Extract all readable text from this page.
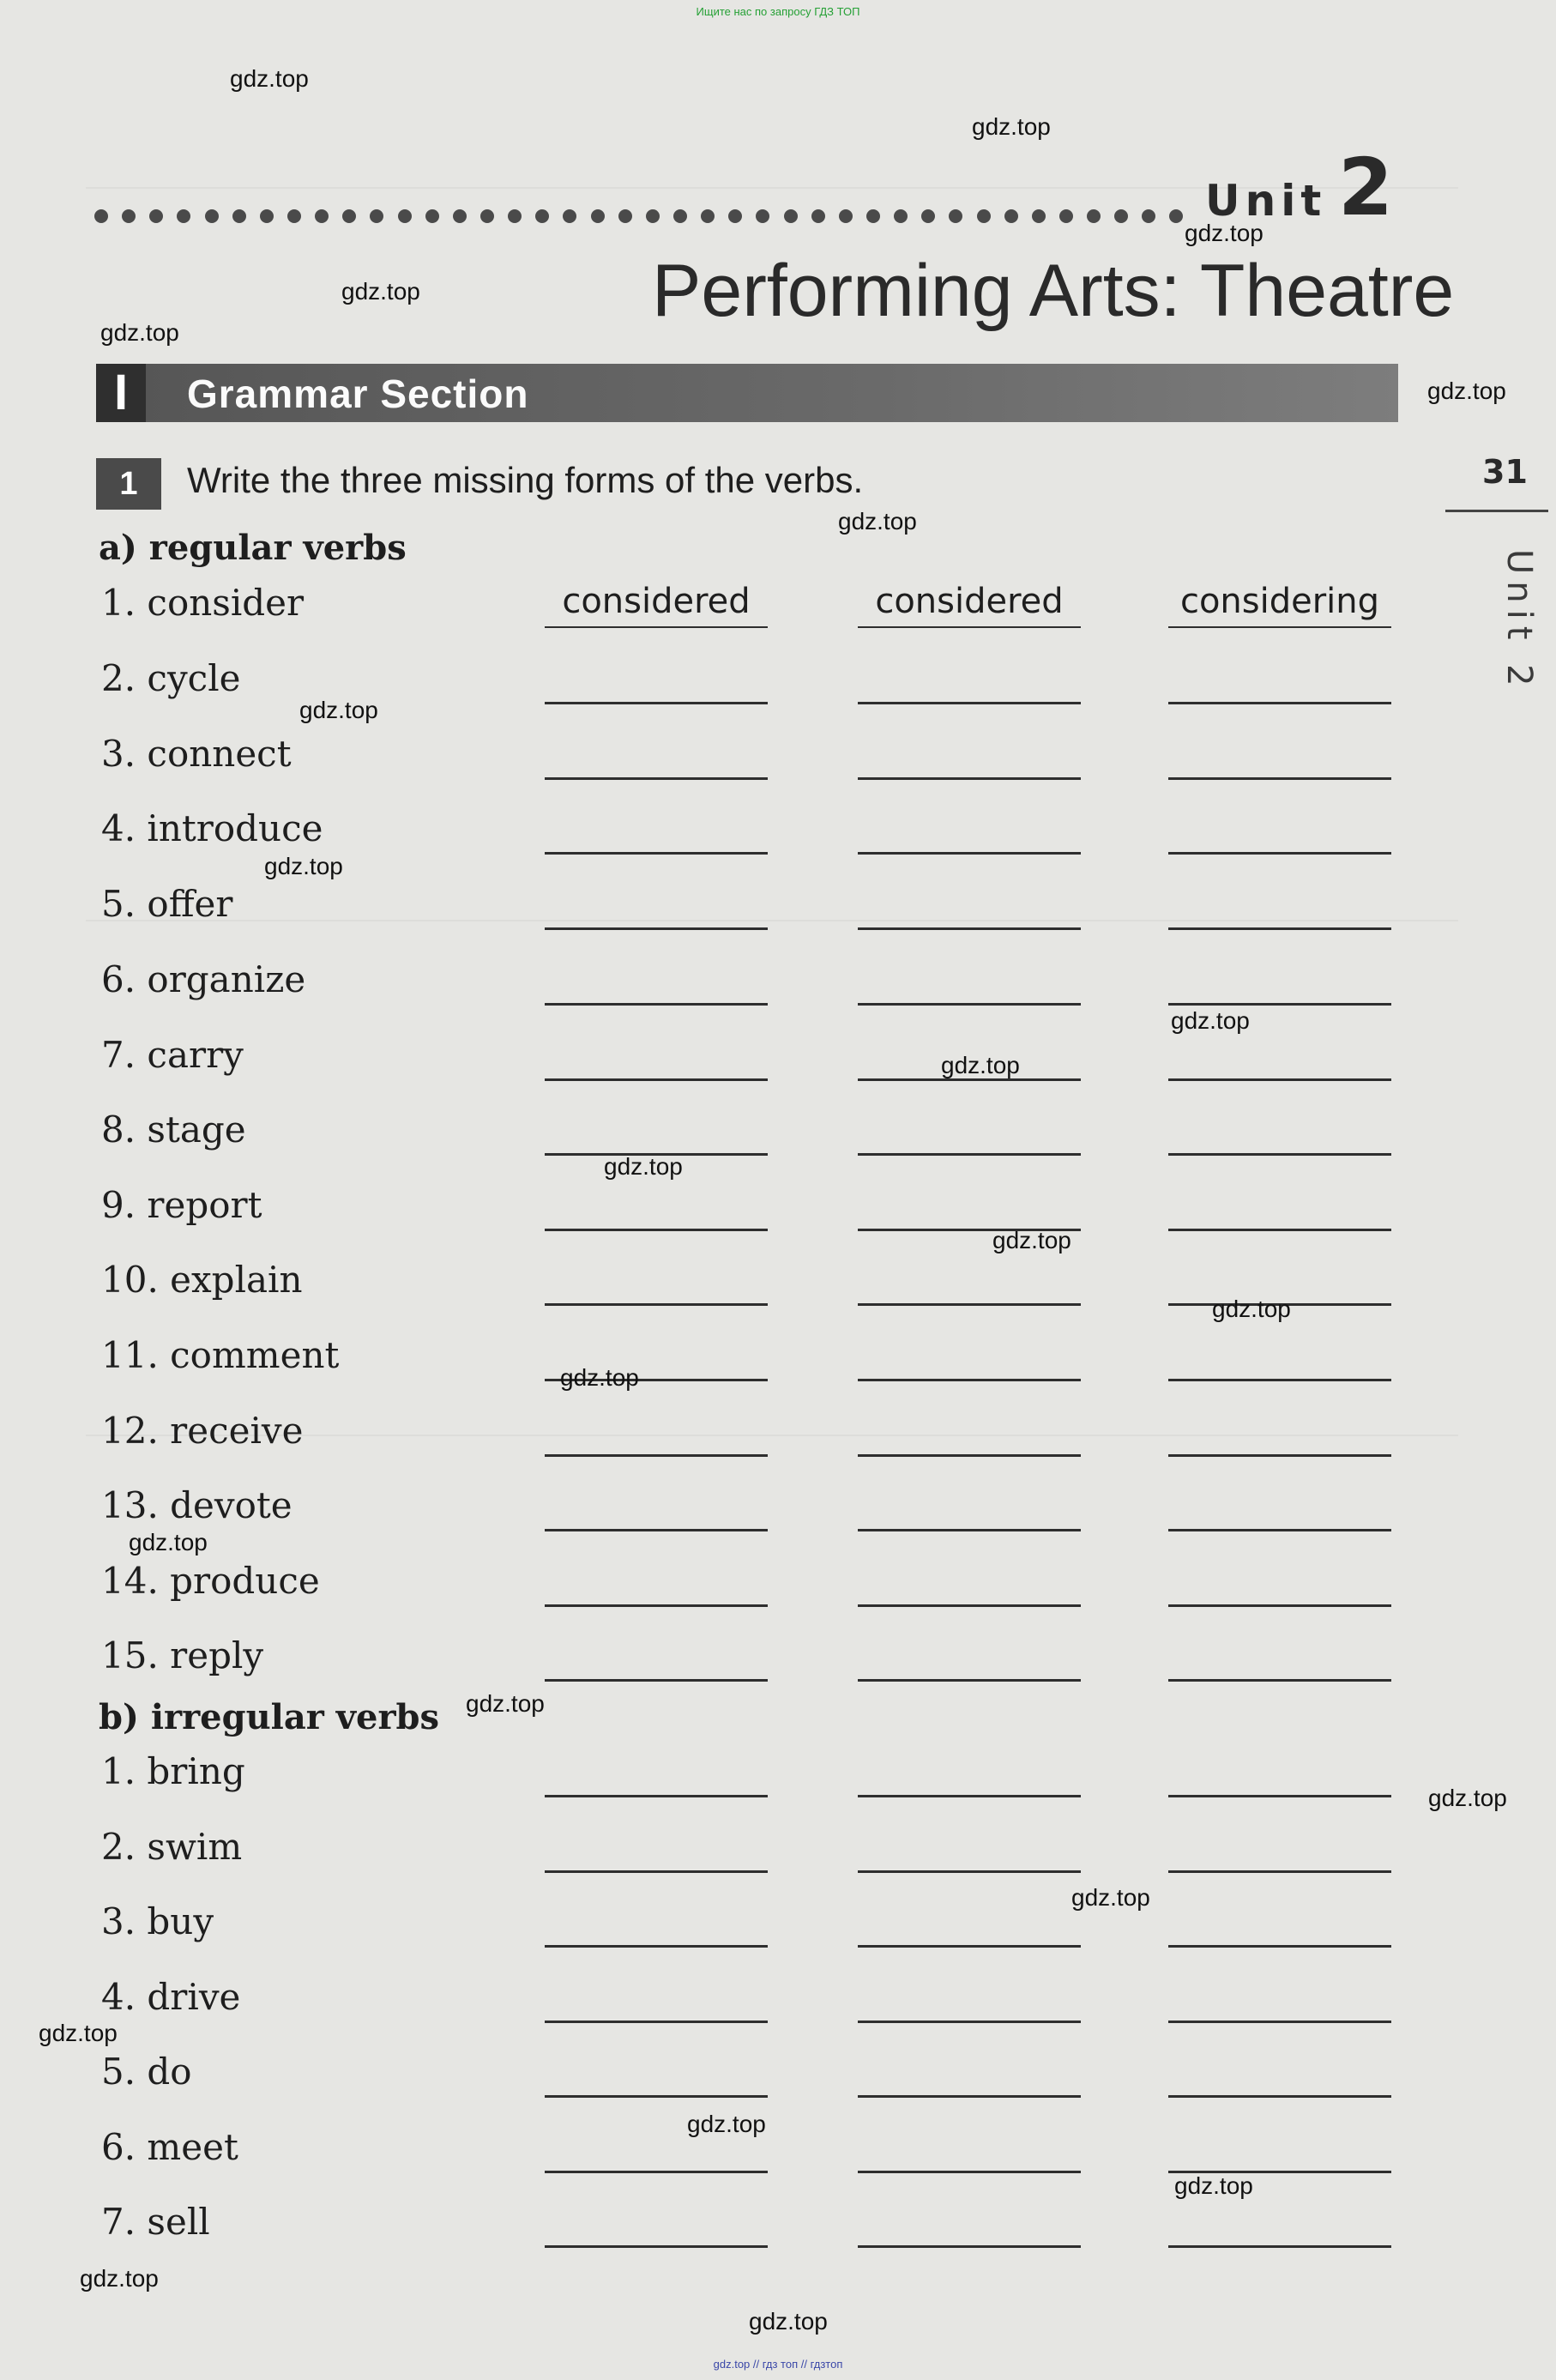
Ищите нас по запросу ГДЗ ТОП
Unit 2
Performing Arts: Theatre
I	Grammar Section
1	Write the three missing forms of the verbs.	31
Unit 2
a) regular verbs
1. consider	considered	considered	considering
2. cycle
3. connect
4. introduce
5. offer
6. organize
7. carry
8. stage
9. report
10. explain
11. comment
12. receive
13. devote
14. produce
15. reply
b) irregular verbs
1. bring
2. swim
3. buy
4. drive
5. do
6. meet
7. sell
gdz.top
gdz.top
gdz.top
gdz.top
gdz.top
gdz.top
gdz.top
gdz.top
gdz.top
gdz.top
gdz.top
gdz.top
gdz.top
gdz.top
gdz.top
gdz.top
gdz.top
gdz.top
gdz.top
gdz.top
gdz.top
gdz.top
gdz.top
gdz.top
gdz.top // гдз топ // гдзтоп
